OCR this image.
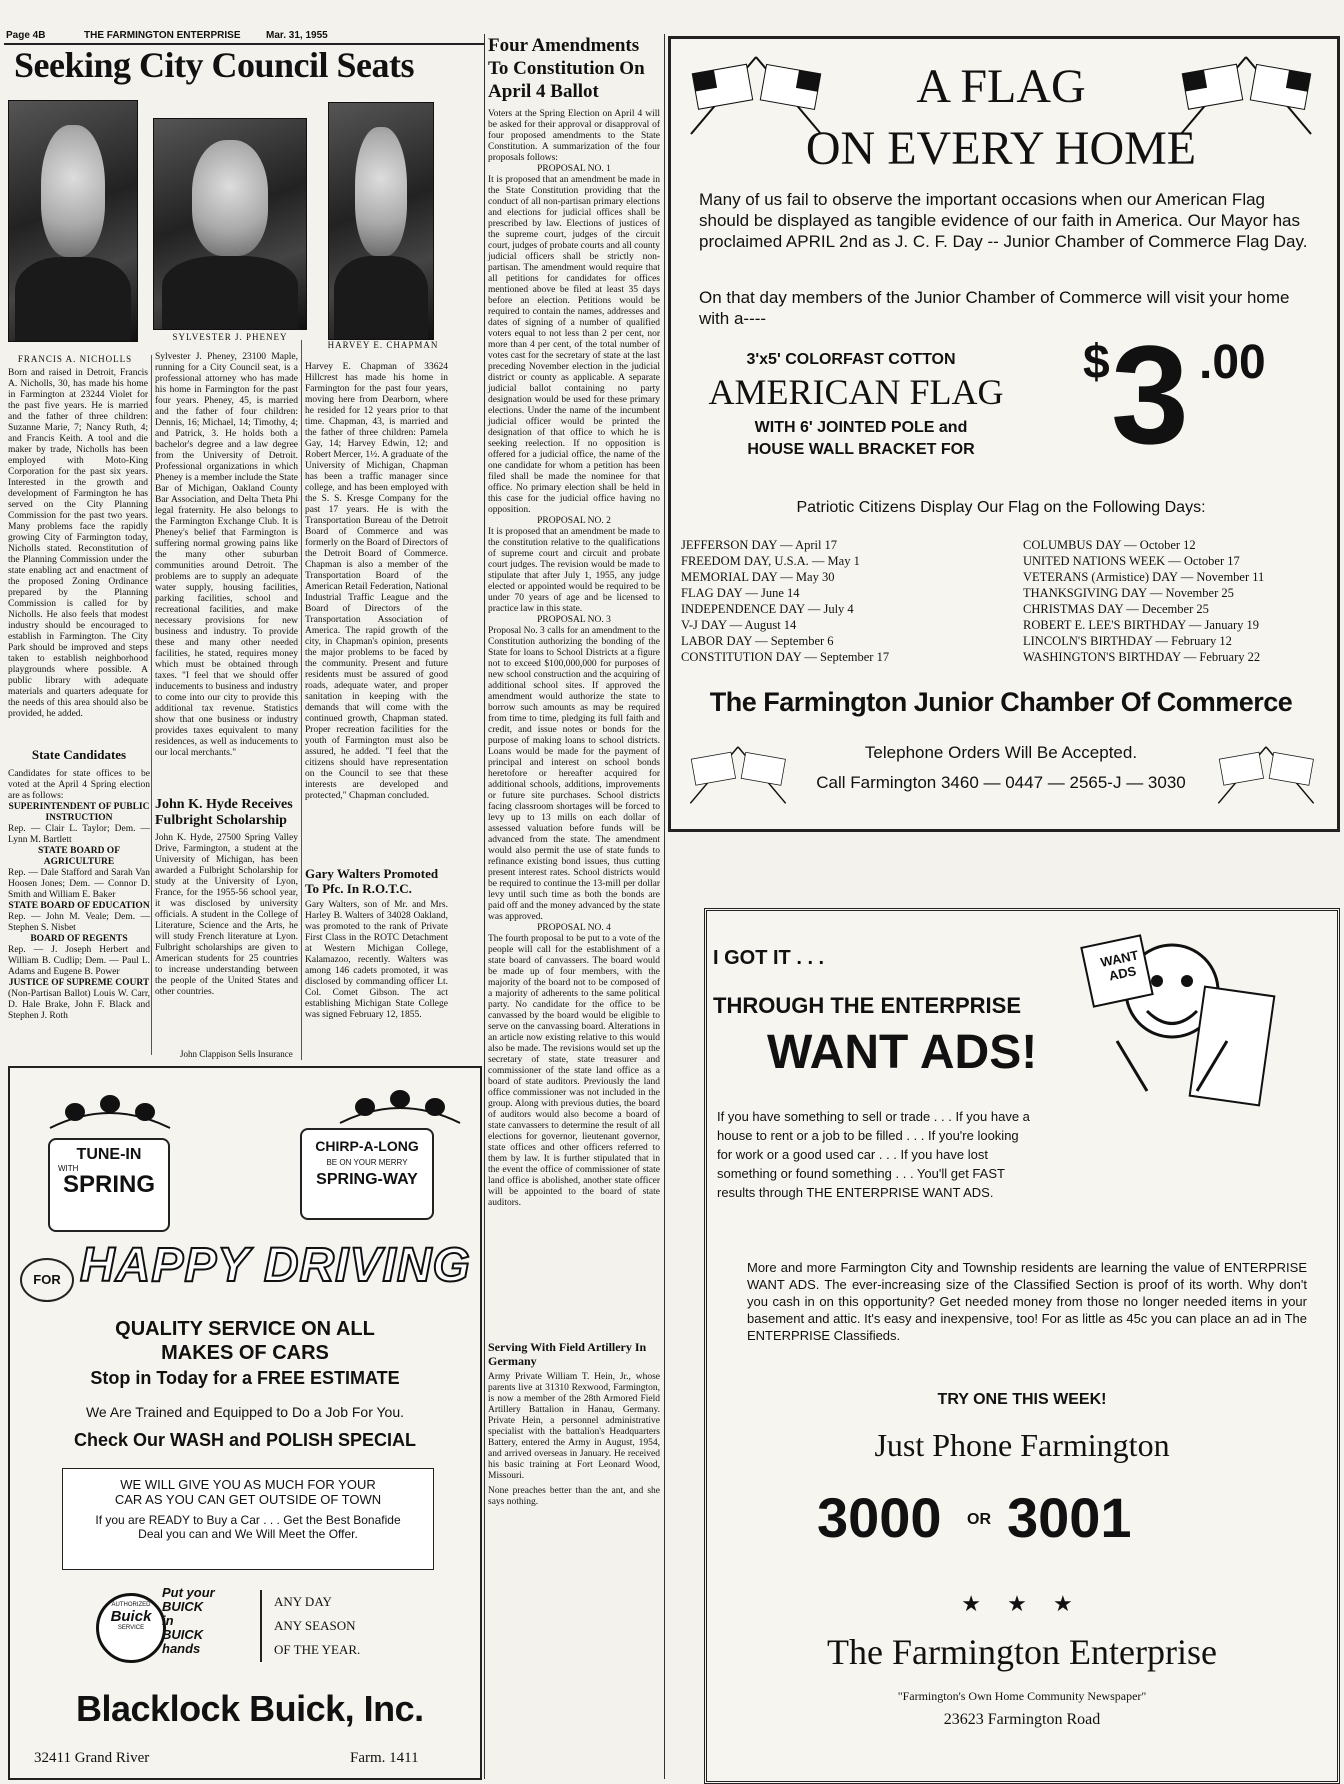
Page 4B	THE FARMINGTON ENTERPRISE	Mar. 31, 1955
Seeking City Council Seats
FRANCIS A. NICHOLLS
SYLVESTER J. PHENEY
HARVEY E. CHAPMAN
Born and raised in Detroit, Francis A. Nicholls, 30, has made his home in Farmington at 23244 Violet for the past five years. He is married and the father of three children: Suzanne Marie, 7; Nancy Ruth, 4; and Francis Keith. A tool and die maker by trade, Nicholls has been employed with Moto-King Corporation for the past six years. Interested in the growth and development of Farmington he has served on the City Planning Commission for the past two years. Many problems face the rapidly growing City of Farmington today, Nicholls stated. Reconstitution of the Planning Commission under the state enabling act and enactment of the proposed Zoning Ordinance prepared by the Planning Commission is called for by Nicholls. He also feels that modest industry should be encouraged to establish in Farmington. The City Park should be improved and steps taken to establish neighborhood playgrounds where possible. A public library with adequate materials and quarters adequate for the needs of this area should also be provided, he added.
Sylvester J. Pheney, 23100 Maple, running for a City Council seat, is a professional attorney who has made his home in Farmington for the past four years. Pheney, 45, is married and the father of four children: Dennis, 16; Michael, 14; Timothy, 4; and Patrick, 3. He holds both a bachelor's degree and a law degree from the University of Detroit. Professional organizations in which Pheney is a member include the State Bar of Michigan, Oakland County Bar Association, and Delta Theta Phi legal fraternity. He also belongs to the Farmington Exchange Club. It is Pheney's belief that Farmington is suffering normal growing pains like the many other suburban communities around Detroit. The problems are to supply an adequate water supply, housing facilities, parking facilities, school and recreational facilities, and make necessary provisions for new business and industry. To provide these and many other needed facilities, he stated, requires money which must be obtained through taxes. "I feel that we should offer inducements to business and industry to come into our city to provide this additional tax revenue. Statistics show that one business or industry provides taxes equivalent to many residences, as well as inducements to our local merchants."
Harvey E. Chapman of 33624 Hillcrest has made his home in Farmington for the past four years, moving here from Dearborn, where he resided for 12 years prior to that time. Chapman, 43, is married and the father of three children: Pamela Gay, 14; Harvey Edwin, 12; and Robert Mercer, 1½. A graduate of the University of Michigan, Chapman has been a traffic manager since college, and has been employed with the S. S. Kresge Company for the past 17 years. He is with the Transportation Bureau of the Detroit Board of Commerce and was formerly on the Board of Directors of the Detroit Board of Commerce. Chapman is also a member of the Transportation Board of the American Retail Federation, National Industrial Traffic League and the Board of Directors of the Transportation Association of America. The rapid growth of the city, in Chapman's opinion, presents the major problems to be faced by the community. Present and future residents must be assured of good roads, adequate water, and proper sanitation in keeping with the demands that will come with the continued growth, Chapman stated. Proper recreation facilities for the youth of Farmington must also be assured, he added. "I feel that the citizens should have representation on the Council to see that these interests are developed and protected," Chapman concluded.
State Candidates
Candidates for state offices to be voted at the April 4 Spring election are as follows:
SUPERINTENDENT OF PUBLIC INSTRUCTION
Rep. — Clair L. Taylor; Dem. — Lynn M. Bartlett
STATE BOARD OF AGRICULTURE
Rep. — Dale Stafford and Sarah Van Hoosen Jones; Dem. — Connor D. Smith and William E. Baker
STATE BOARD OF EDUCATION
Rep. — John M. Veale; Dem. — Stephen S. Nisbet
BOARD OF REGENTS
Rep. — J. Joseph Herbert and William B. Cudlip; Dem. — Paul L. Adams and Eugene B. Power
JUSTICE OF SUPREME COURT
(Non-Partisan Ballot) Louis W. Carr, D. Hale Brake, John F. Black and Stephen J. Roth
John K. Hyde Receives Fulbright Scholarship
John K. Hyde, 27500 Spring Valley Drive, Farmington, a student at the University of Michigan, has been awarded a Fulbright Scholarship for study at the University of Lyon, France, for the 1955-56 school year, it was disclosed by university officials. A student in the College of Literature, Science and the Arts, he will study French literature at Lyon. Fulbright scholarships are given to American students for 25 countries to increase understanding between the people of the United States and other countries.
John Clappison Sells Insurance
Gary Walters Promoted To Pfc. In R.O.T.C.
Gary Walters, son of Mr. and Mrs. Harley B. Walters of 34028 Oakland, was promoted to the rank of Private First Class in the ROTC Detachment at Western Michigan College, Kalamazoo, recently. Walters was among 146 cadets promoted, it was disclosed by commanding officer Lt. Col. Comet Gibson. The act establishing Michigan State College was signed February 12, 1855.
Four Amendments To Constitution On April 4 Ballot
Voters at the Spring Election on April 4 will be asked for their approval or disapproval of four proposed amendments to the State Constitution. A summarization of the four proposals follows:
PROPOSAL NO. 1
It is proposed that an amendment be made in the State Constitution providing that the conduct of all non-partisan primary elections and elections for judicial offices shall be prescribed by law. Elections of justices of the supreme court, judges of the circuit court, judges of probate courts and all county judicial officers shall be strictly non-partisan. The amendment would require that all petitions for candidates for offices mentioned above be filed at least 35 days before an election. Petitions would be required to contain the names, addresses and dates of signing of a number of qualified voters equal to not less than 2 per cent, nor more than 4 per cent, of the total number of votes cast for the secretary of state at the last preceding November election in the judicial district or county as applicable. A separate judicial ballot containing no party designation would be used for these primary elections. Under the name of the incumbent judicial officer would be printed the designation of that office to which he is seeking reelection. If no opposition is offered for a judicial office, the name of the one candidate for whom a petition has been filed shall be made the nominee for that office. No primary election shall be held in this case for the judicial office having no opposition.
PROPOSAL NO. 2
It is proposed that an amendment be made to the constitution relative to the qualifications of supreme court and circuit and probate court judges. The revision would be made to stipulate that after July 1, 1955, any judge elected or appointed would be required to be under 70 years of age and be licensed to practice law in this state.
PROPOSAL NO. 3
Proposal No. 3 calls for an amendment to the Constitution authorizing the bonding of the State for loans to School Districts at a figure not to exceed $100,000,000 for purposes of new school construction and the acquiring of additional school sites. If approved the amendment would authorize the state to borrow such amounts as may be required from time to time, pledging its full faith and credit, and issue notes or bonds for the purpose of making loans to school districts. Loans would be made for the payment of principal and interest on school bonds heretofore or hereafter acquired for additional schools, additions, improvements or future site purchases. School districts facing classroom shortages will be forced to levy up to 13 mills on each dollar of assessed valuation before funds will be advanced from the state. The amendment would also permit the use of state funds to refinance existing bond issues, thus cutting present interest rates. School districts would be required to continue the 13-mill per dollar levy until such time as both the bonds are paid off and the money advanced by the state was approved.
PROPOSAL NO. 4
The fourth proposal to be put to a vote of the people will call for the establishment of a state board of canvassers. The board would be made up of four members, with the majority of the board not to be composed of a majority of adherents to the same political party. No candidate for the office to be canvassed by the board would be eligible to serve on the canvassing board. Alterations in an article now existing relative to this would also be made. The revisions would set up the secretary of state, state treasurer and commissioner of the state land office as a board of state auditors. Previously the land office commissioner was not included in the group. Along with previous duties, the board of auditors would also become a board of state canvassers to determine the result of all elections for governor, lieutenant governor, state offices and other officers referred to them by law. It is further stipulated that in the event the office of commissioner of state land office is abolished, another state officer will be appointed to the board of state auditors.
Serving With Field Artillery In Germany
Army Private William T. Hein, Jr., whose parents live at 31310 Rexwood, Farmington, is now a member of the 28th Armored Field Artillery Battalion in Hanau, Germany. Private Hein, a personnel administrative specialist with the battalion's Headquarters Battery, entered the Army in August, 1954, and arrived overseas in January. He received his basic training at Fort Leonard Wood, Missouri.
None preaches better than the ant, and she says nothing.
TUNE-IN
WITH
SPRING
CHIRP-A-LONG
BE ON YOUR MERRY
SPRING-WAY
FOR HAPPY DRIVING
QUALITY SERVICE ON ALL
MAKES OF CARS
Stop in Today for a FREE ESTIMATE
We Are Trained and Equipped to Do a Job For You.
Check Our WASH and POLISH SPECIAL
WE WILL GIVE YOU AS MUCH FOR YOUR
CAR AS YOU CAN GET OUTSIDE OF TOWN
If you are READY to Buy a Car . . . Get the Best Bonafide Deal you can and We Will Meet the Offer.
AUTHORIZED
Buick
SERVICE
Put your
BUICK
in
BUICK
hands
ANY DAY
ANY SEASON
OF THE YEAR.
Blacklock Buick, Inc.
32411 Grand River	Farm. 1411
A FLAG
ON EVERY HOME
Many of us fail to observe the important occasions when our American Flag should be displayed as tangible evidence of our faith in America. Our Mayor has proclaimed APRIL 2nd as J. C. F. Day -- Junior Chamber of Commerce Flag Day.
On that day members of the Junior Chamber of Commerce will visit your home with a----
3'x5' COLORFAST COTTON
AMERICAN FLAG
WITH 6' JOINTED POLE and
HOUSE WALL BRACKET FOR
$ 3 .00
Patriotic Citizens Display Our Flag on the Following Days:
JEFFERSON DAY — April 17
FREEDOM DAY, U.S.A. — May 1
MEMORIAL DAY — May 30
FLAG DAY — June 14
INDEPENDENCE DAY — July 4
V-J DAY — August 14
LABOR DAY — September 6
CONSTITUTION DAY — September 17
COLUMBUS DAY — October 12
UNITED NATIONS WEEK — October 17
VETERANS (Armistice) DAY — November 11
THANKSGIVING DAY — November 25
CHRISTMAS DAY — December 25
ROBERT E. LEE'S BIRTHDAY — January 19
LINCOLN'S BIRTHDAY — February 12
WASHINGTON'S BIRTHDAY — February 22
The Farmington Junior Chamber Of Commerce
Telephone Orders Will Be Accepted.
Call Farmington 3460 — 0447 — 2565-J — 3030
I GOT IT . . .
THROUGH THE ENTERPRISE
WANT ADS!
WANT ADS
If you have something to sell or trade . . . If you have a house to rent or a job to be filled . . . If you're looking for work or a good used car . . . If you have lost something or found something . . . You'll get FAST results through THE ENTERPRISE WANT ADS.
More and more Farmington City and Township residents are learning the value of ENTERPRISE WANT ADS. The ever-increasing size of the Classified Section is proof of its worth. Why don't you cash in on this opportunity? Get needed money from those no longer needed items in your basement and attic. It's easy and inexpensive, too! For as little as 45c you can place an ad in The ENTERPRISE Classifieds.
TRY ONE THIS WEEK!
Just Phone Farmington
3000 OR 3001
★ ★ ★
The Farmington Enterprise
"Farmington's Own Home Community Newspaper"
23623 Farmington Road
